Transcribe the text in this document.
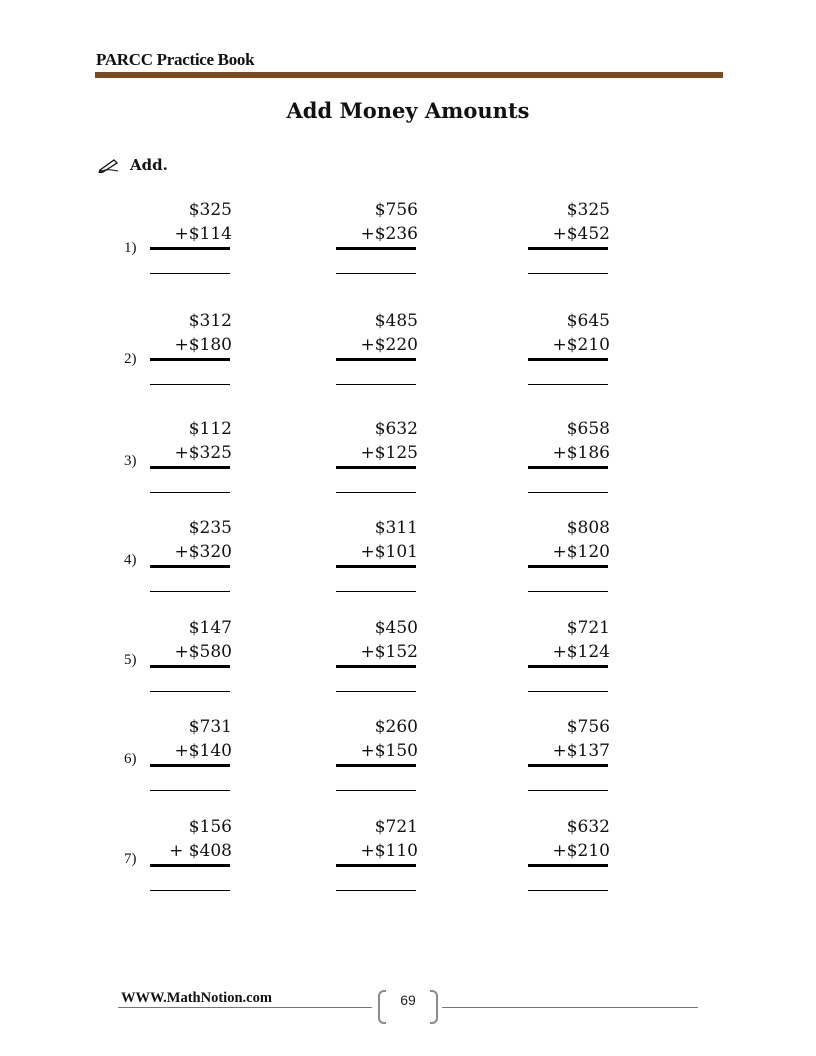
PARCC Practice Book
Add Money Amounts
Add.
1)
$325
+$114
$756
+$236
$325
+$452
2)
$312
+$180
$485
+$220
$645
+$210
3)
$112
+$325
$632
+$125
$658
+$186
4)
$235
+$320
$311
+$101
$808
+$120
5)
$147
+$580
$450
+$152
$721
+$124
6)
$731
+$140
$260
+$150
$756
+$137
7)
$156
+ $408
$721
+$110
$632
+$210
WWW.MathNotion.com	69
